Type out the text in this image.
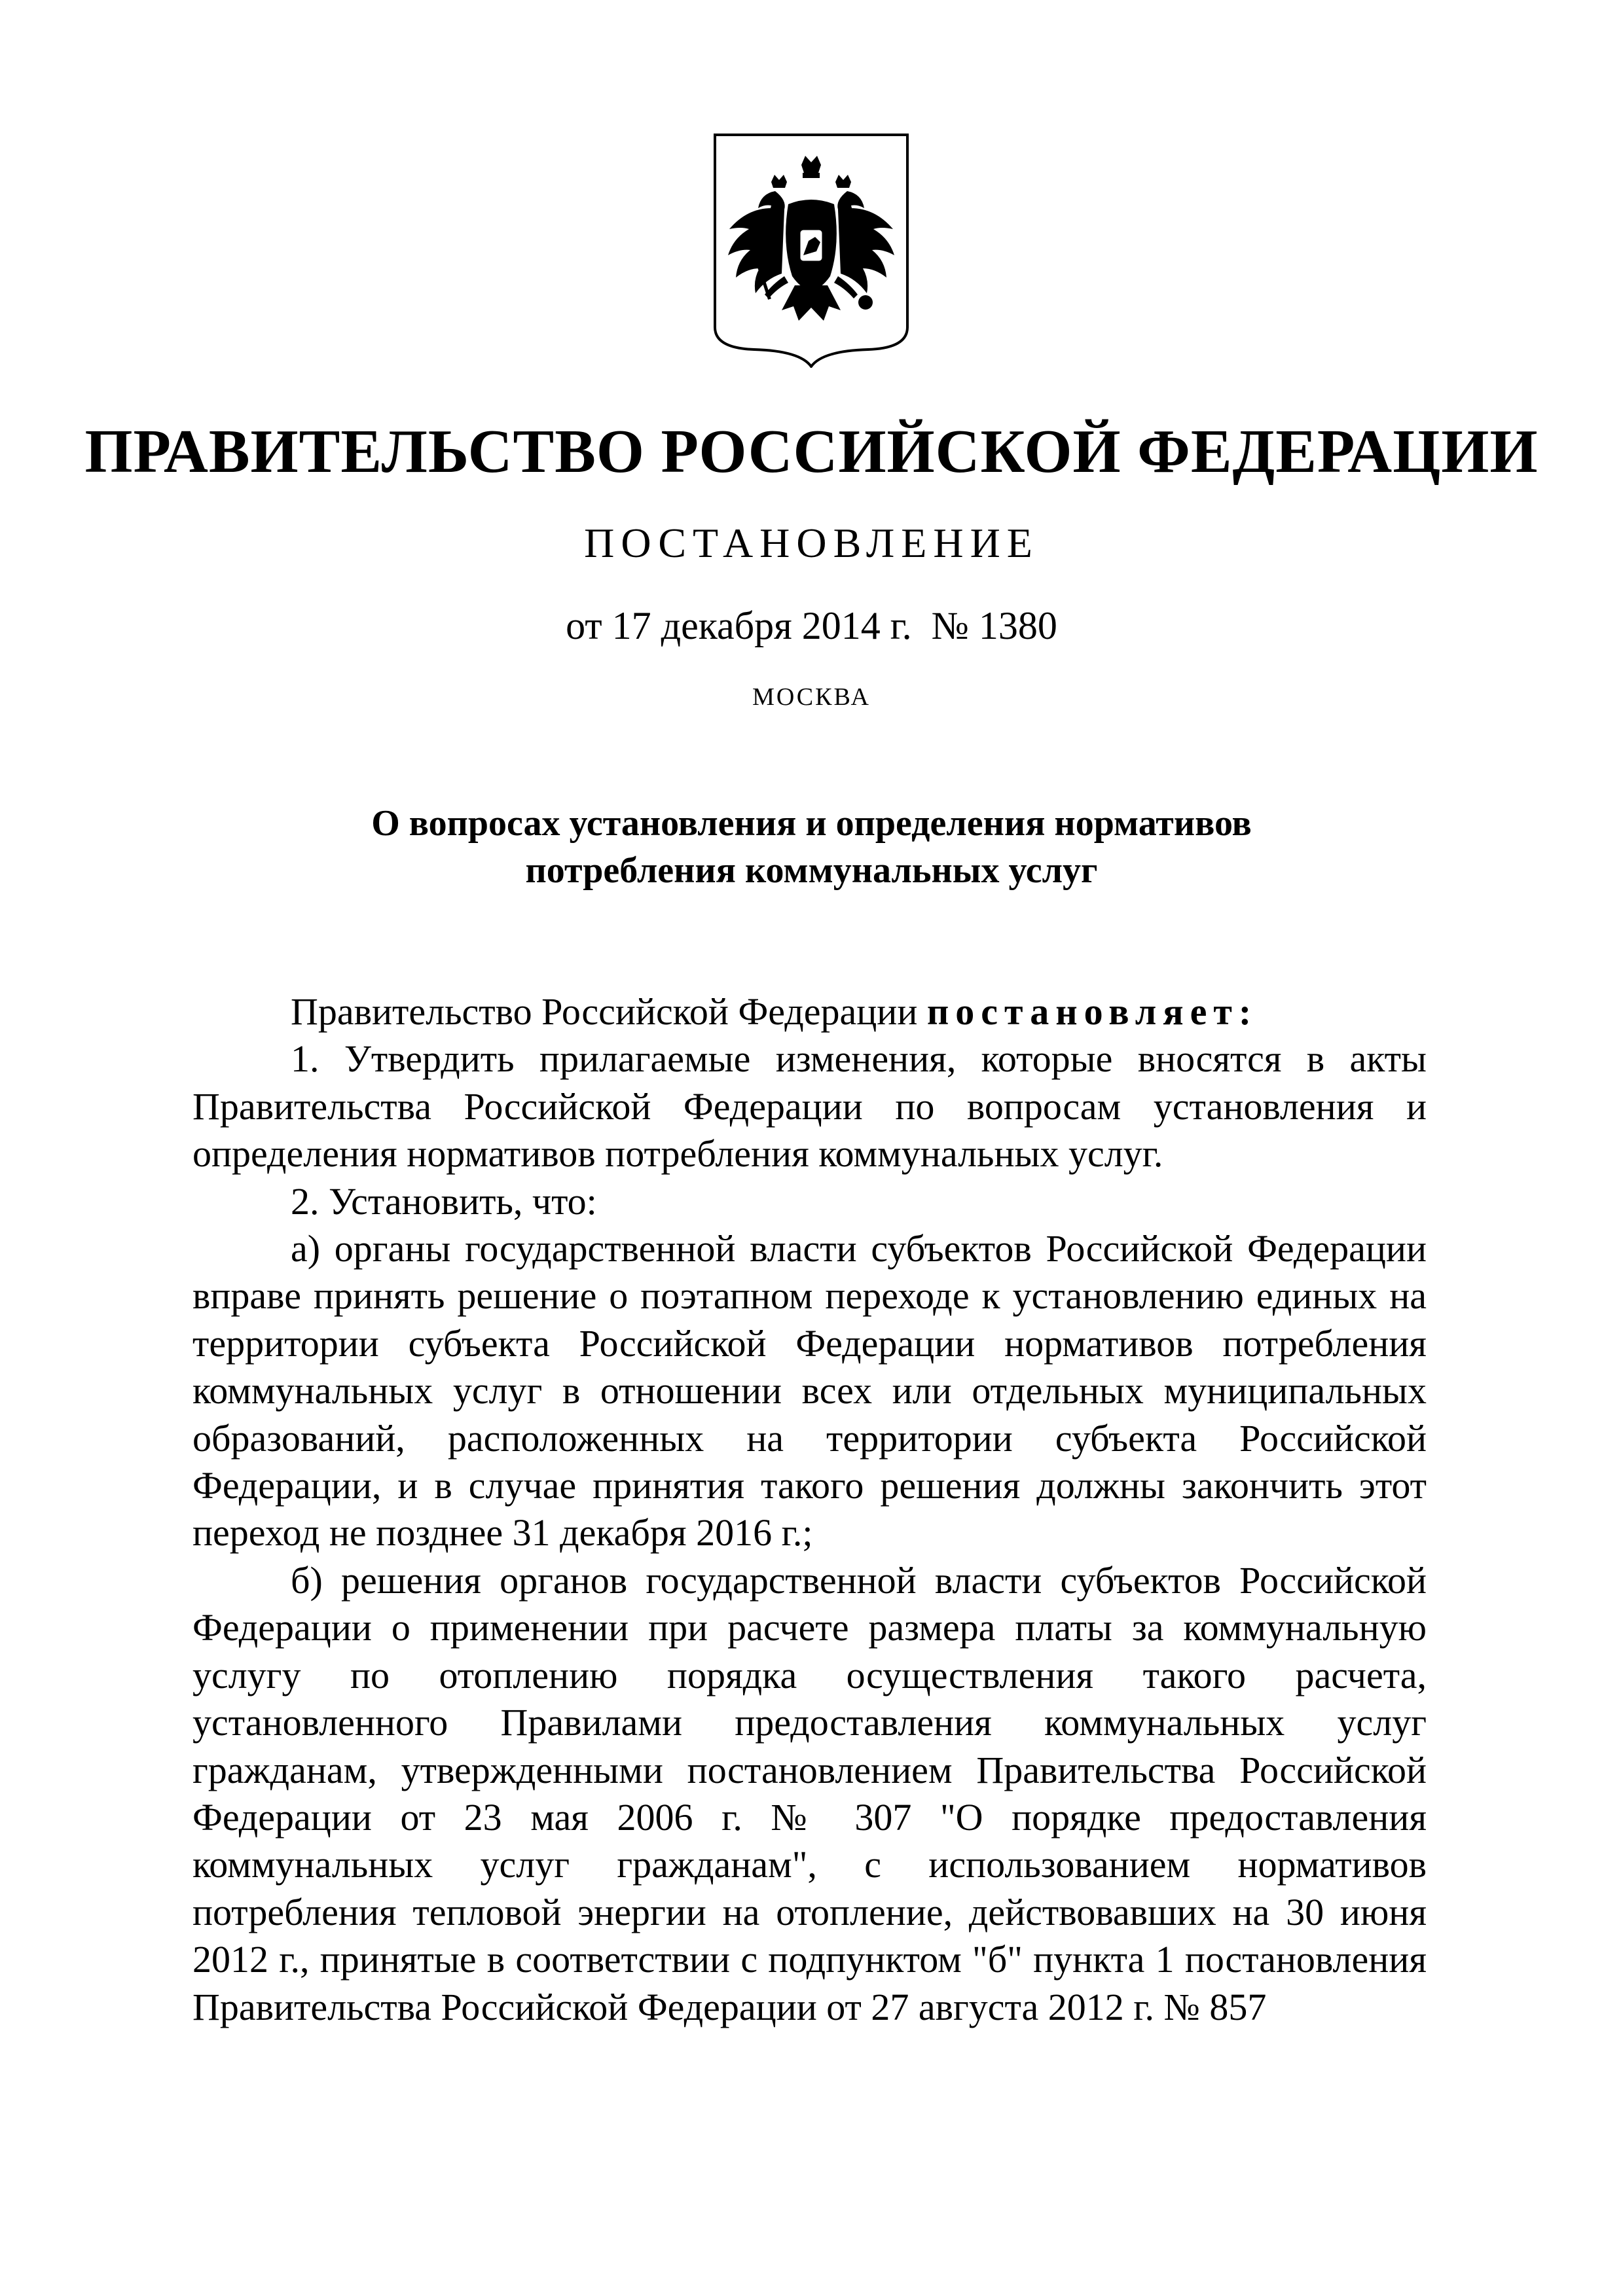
ПРАВИТЕЛЬСТВО РОССИЙСКОЙ ФЕДЕРАЦИИ
ПОСТАНОВЛЕНИЕ
от 17 декабря 2014 г. № 1380
МОСКВА
О вопросах установления и определения нормативов
потребления коммунальных услуг

Правительство Российской Федерации постановляет:

1. Утвердить прилагаемые изменения, которые вносятся в акты Правительства Российской Федерации по вопросам установления и определения нормативов потребления коммунальных услуг.

2. Установить, что:

а) органы государственной власти субъектов Российской Федерации вправе принять решение о поэтапном переходе к установлению единых на территории субъекта Российской Федерации нормативов потребления коммунальных услуг в отношении всех или отдельных муниципальных образований, расположенных на территории субъекта Российской Федерации, и в случае принятия такого решения должны закончить этот переход не позднее 31 декабря 2016 г.;

б) решения органов государственной власти субъектов Российской Федерации о применении при расчете размера платы за коммунальную услугу по отоплению порядка осуществления такого расчета, установленного Правилами предоставления коммунальных услуг гражданам, утвержденными постановлением Правительства Российской Федерации от 23 мая 2006 г. № 307 "О порядке предоставления коммунальных услуг гражданам", с использованием нормативов потребления тепловой энергии на отопление, действовавших на 30 июня 2012 г., принятые в соответствии с подпунктом "б" пункта 1 постановления Правительства Российской Федерации от 27 августа 2012 г. № 857
